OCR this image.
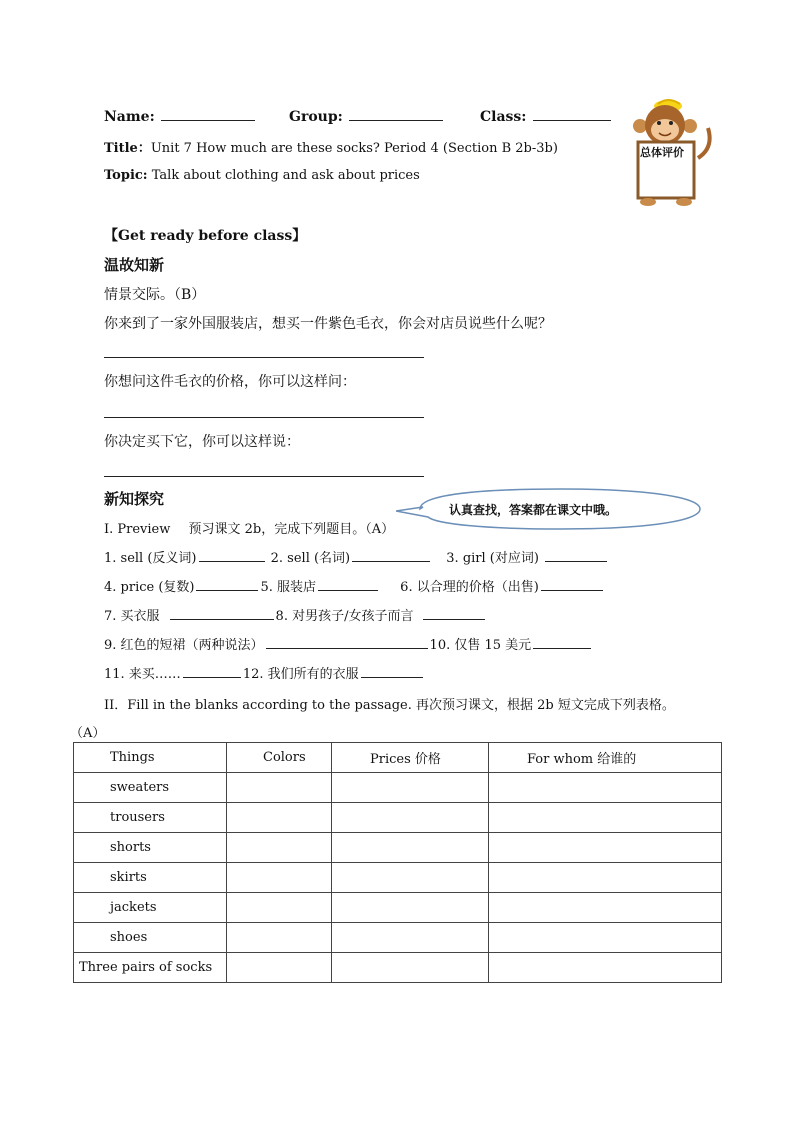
Name:	Group:	Class:
Title：Unit 7 How much are these socks? Period 4 (Section B 2b-3b)
Topic: Talk about clothing and ask about prices
总体评价
【Get ready before class】
温故知新
情景交际。（B）
你来到了一家外国服装店，想买一件紫色毛衣，你会对店员说些什么呢？
你想问这件毛衣的价格，你可以这样问：
你决定买下它，你可以这样说：
新知探究
认真查找，答案都在课文中哦。
I. Preview 预习课文 2b，完成下列题目。（A）
1. sell (反义词)	2. sell (名词)	3. girl (对应词)
4. price (复数)	5. 服装店	6. 以合理的价格（出售)
7. 买衣服	8. 对男孩子/女孩子而言
9. 红色的短裙（两种说法）	10. 仅售 15 美元
11. 来买……	12. 我们所有的衣服
II．Fill in the blanks according to the passage. 再次预习课文，根据 2b 短文完成下列表格。
（A）
Things	Colors	Prices 价格	For whom 给谁的
sweaters			
trousers			
shorts			
skirts			
jackets			
shoes			
Three pairs of socks			
